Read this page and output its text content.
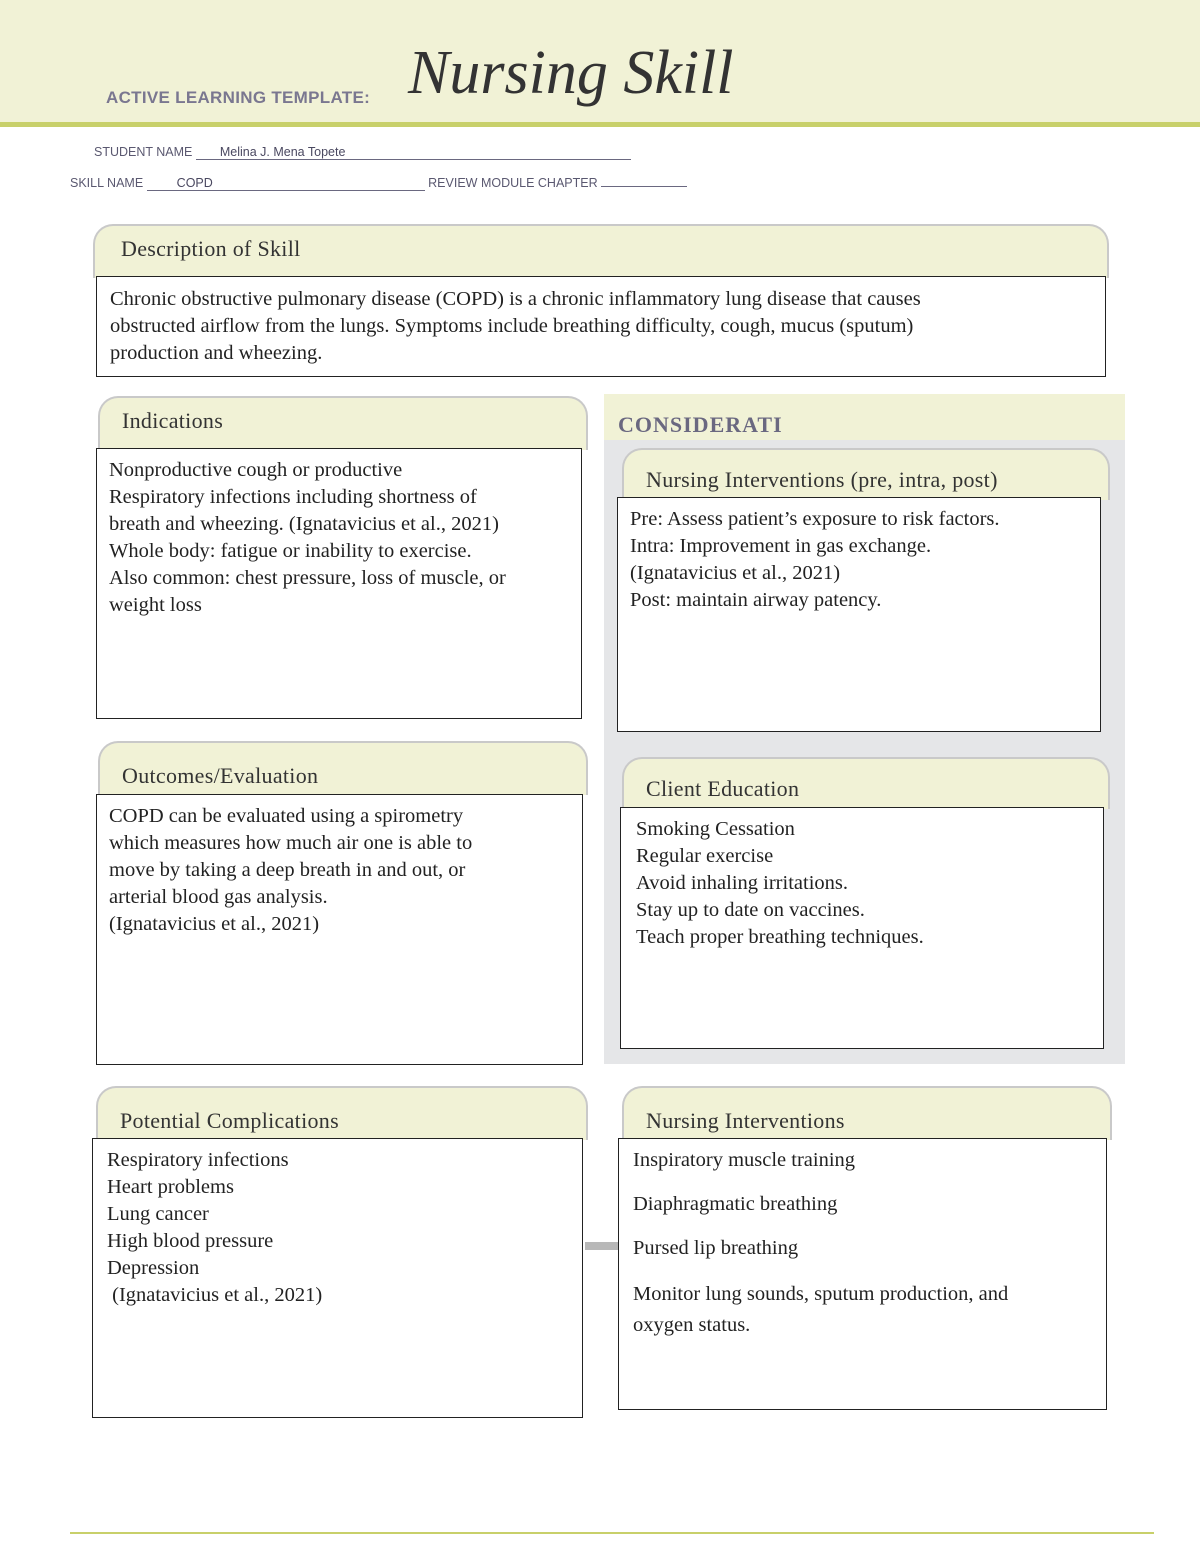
ACTIVE LEARNING TEMPLATE: Nursing Skill
STUDENT NAME Melina J. Mena Topete
SKILL NAME	COPD	REVIEW MODULE CHAPTER
Description of Skill
Chronic obstructive pulmonary disease (COPD) is a chronic inflammatory lung disease that causes
obstructed airflow from the lungs. Symptoms include breathing difficulty, cough, mucus (sputum)
production and wheezing.
Indications
Nonproductive cough or productive
Respiratory infections including shortness of
breath and wheezing. (Ignatavicius et al., 2021)
Whole body: fatigue or inability to exercise.
Also common: chest pressure, loss of muscle, or
weight loss
CONSIDERATI
Nursing Interventions (pre, intra, post)
Pre: Assess patient’s exposure to risk factors.
Intra: Improvement in gas exchange.
(Ignatavicius et al., 2021)
Post: maintain airway patency.
Outcomes/Evaluation
COPD can be evaluated using a spirometry
which measures how much air one is able to
move by taking a deep breath in and out, or
arterial blood gas analysis.
(Ignatavicius et al., 2021)
Client Education
Smoking Cessation
Regular exercise
Avoid inhaling irritations.
Stay up to date on vaccines.
Teach proper breathing techniques.
Potential Complications
Respiratory infections
Heart problems
Lung cancer
High blood pressure
Depression
(Ignatavicius et al., 2021)
Nursing Interventions
Inspiratory muscle training
Diaphragmatic breathing
Pursed lip breathing
Monitor lung sounds, sputum production, and
oxygen status.
